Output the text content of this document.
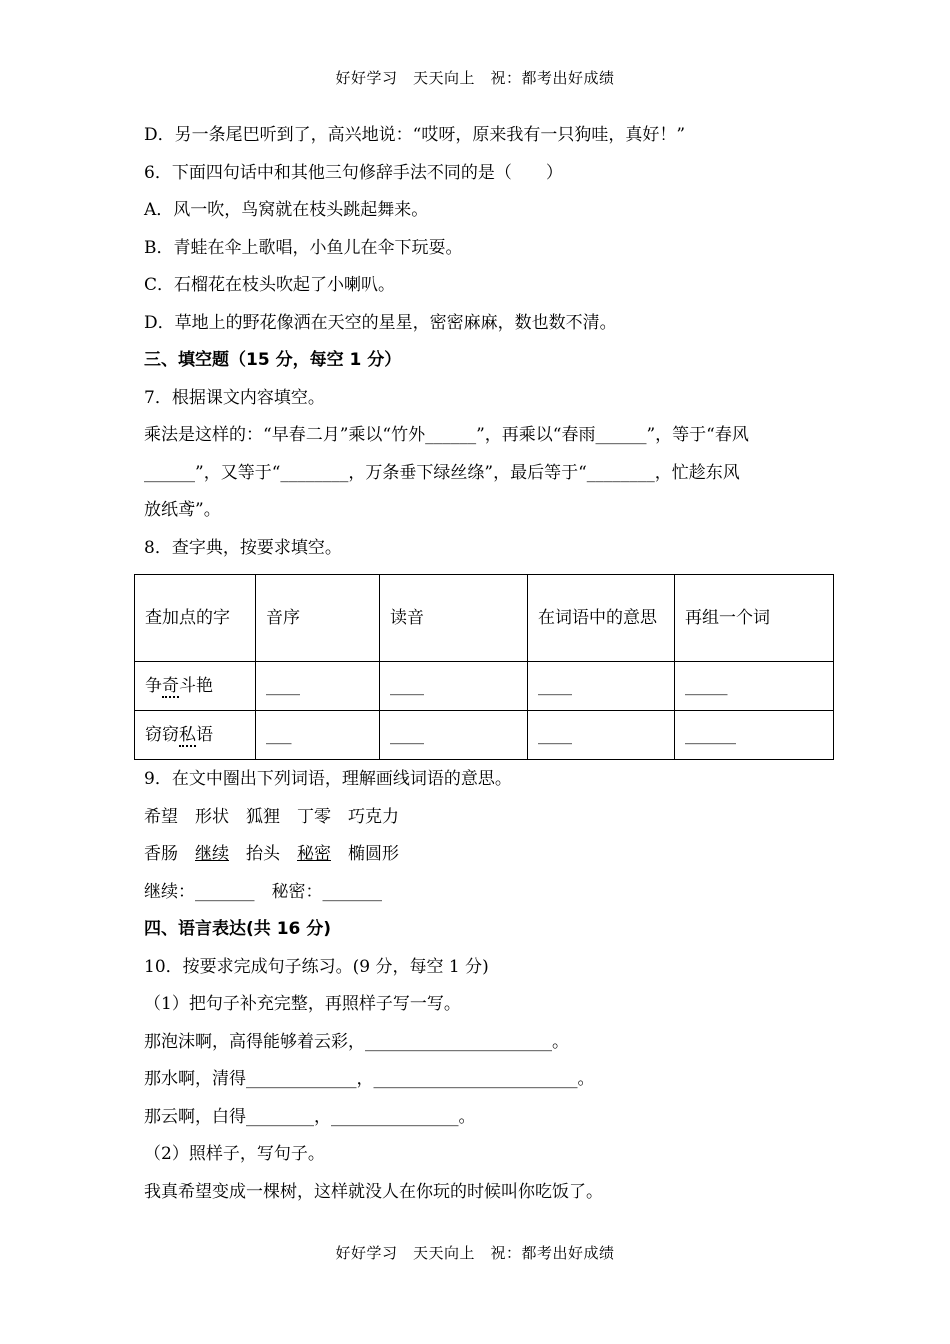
好好学习　天天向上　祝：都考出好成绩
D．另一条尾巴听到了，高兴地说：“哎呀，原来我有一只狗哇，真好！”
6．下面四句话中和其他三句修辞手法不同的是（　　）
A．风一吹，鸟窝就在枝头跳起舞来。
B．青蛙在伞上歌唱，小鱼儿在伞下玩耍。
C．石榴花在枝头吹起了小喇叭。
D．草地上的野花像洒在天空的星星，密密麻麻，数也数不清。
三、填空题（15 分，每空 1 分）
7．根据课文内容填空。
乘法是这样的：“早春二月”乘以“竹外______”，再乘以“春雨______”，等于“春风
______”，又等于“________，万条垂下绿丝绦”，最后等于“________，忙趁东风
放纸鸢”。
8．查字典，按要求填空。
查加点的字	音序	读音	在词语中的意思	再组一个词
争奇斗艳	____	____	____	_____
窃窃私语	___	____	____	______
9．在文中圈出下列词语，理解画线词语的意思。
希望　形状　狐狸　丁零　巧克力
香肠　 继续　 抬头　 秘密　 椭圆形
继续：_______　秘密：_______
四、语言表达(共 16 分)
10．按要求完成句子练习。(9 分，每空 1 分)
（1）把句子补充完整，再照样子写一写。
那泡沫啊，高得能够着云彩，______________________。
那水啊，清得_____________，________________________。
那云啊，白得________，_______________。
（2）照样子，写句子。
我真希望变成一棵树，这样就没人在你玩的时候叫你吃饭了。
好好学习　天天向上　祝：都考出好成绩
